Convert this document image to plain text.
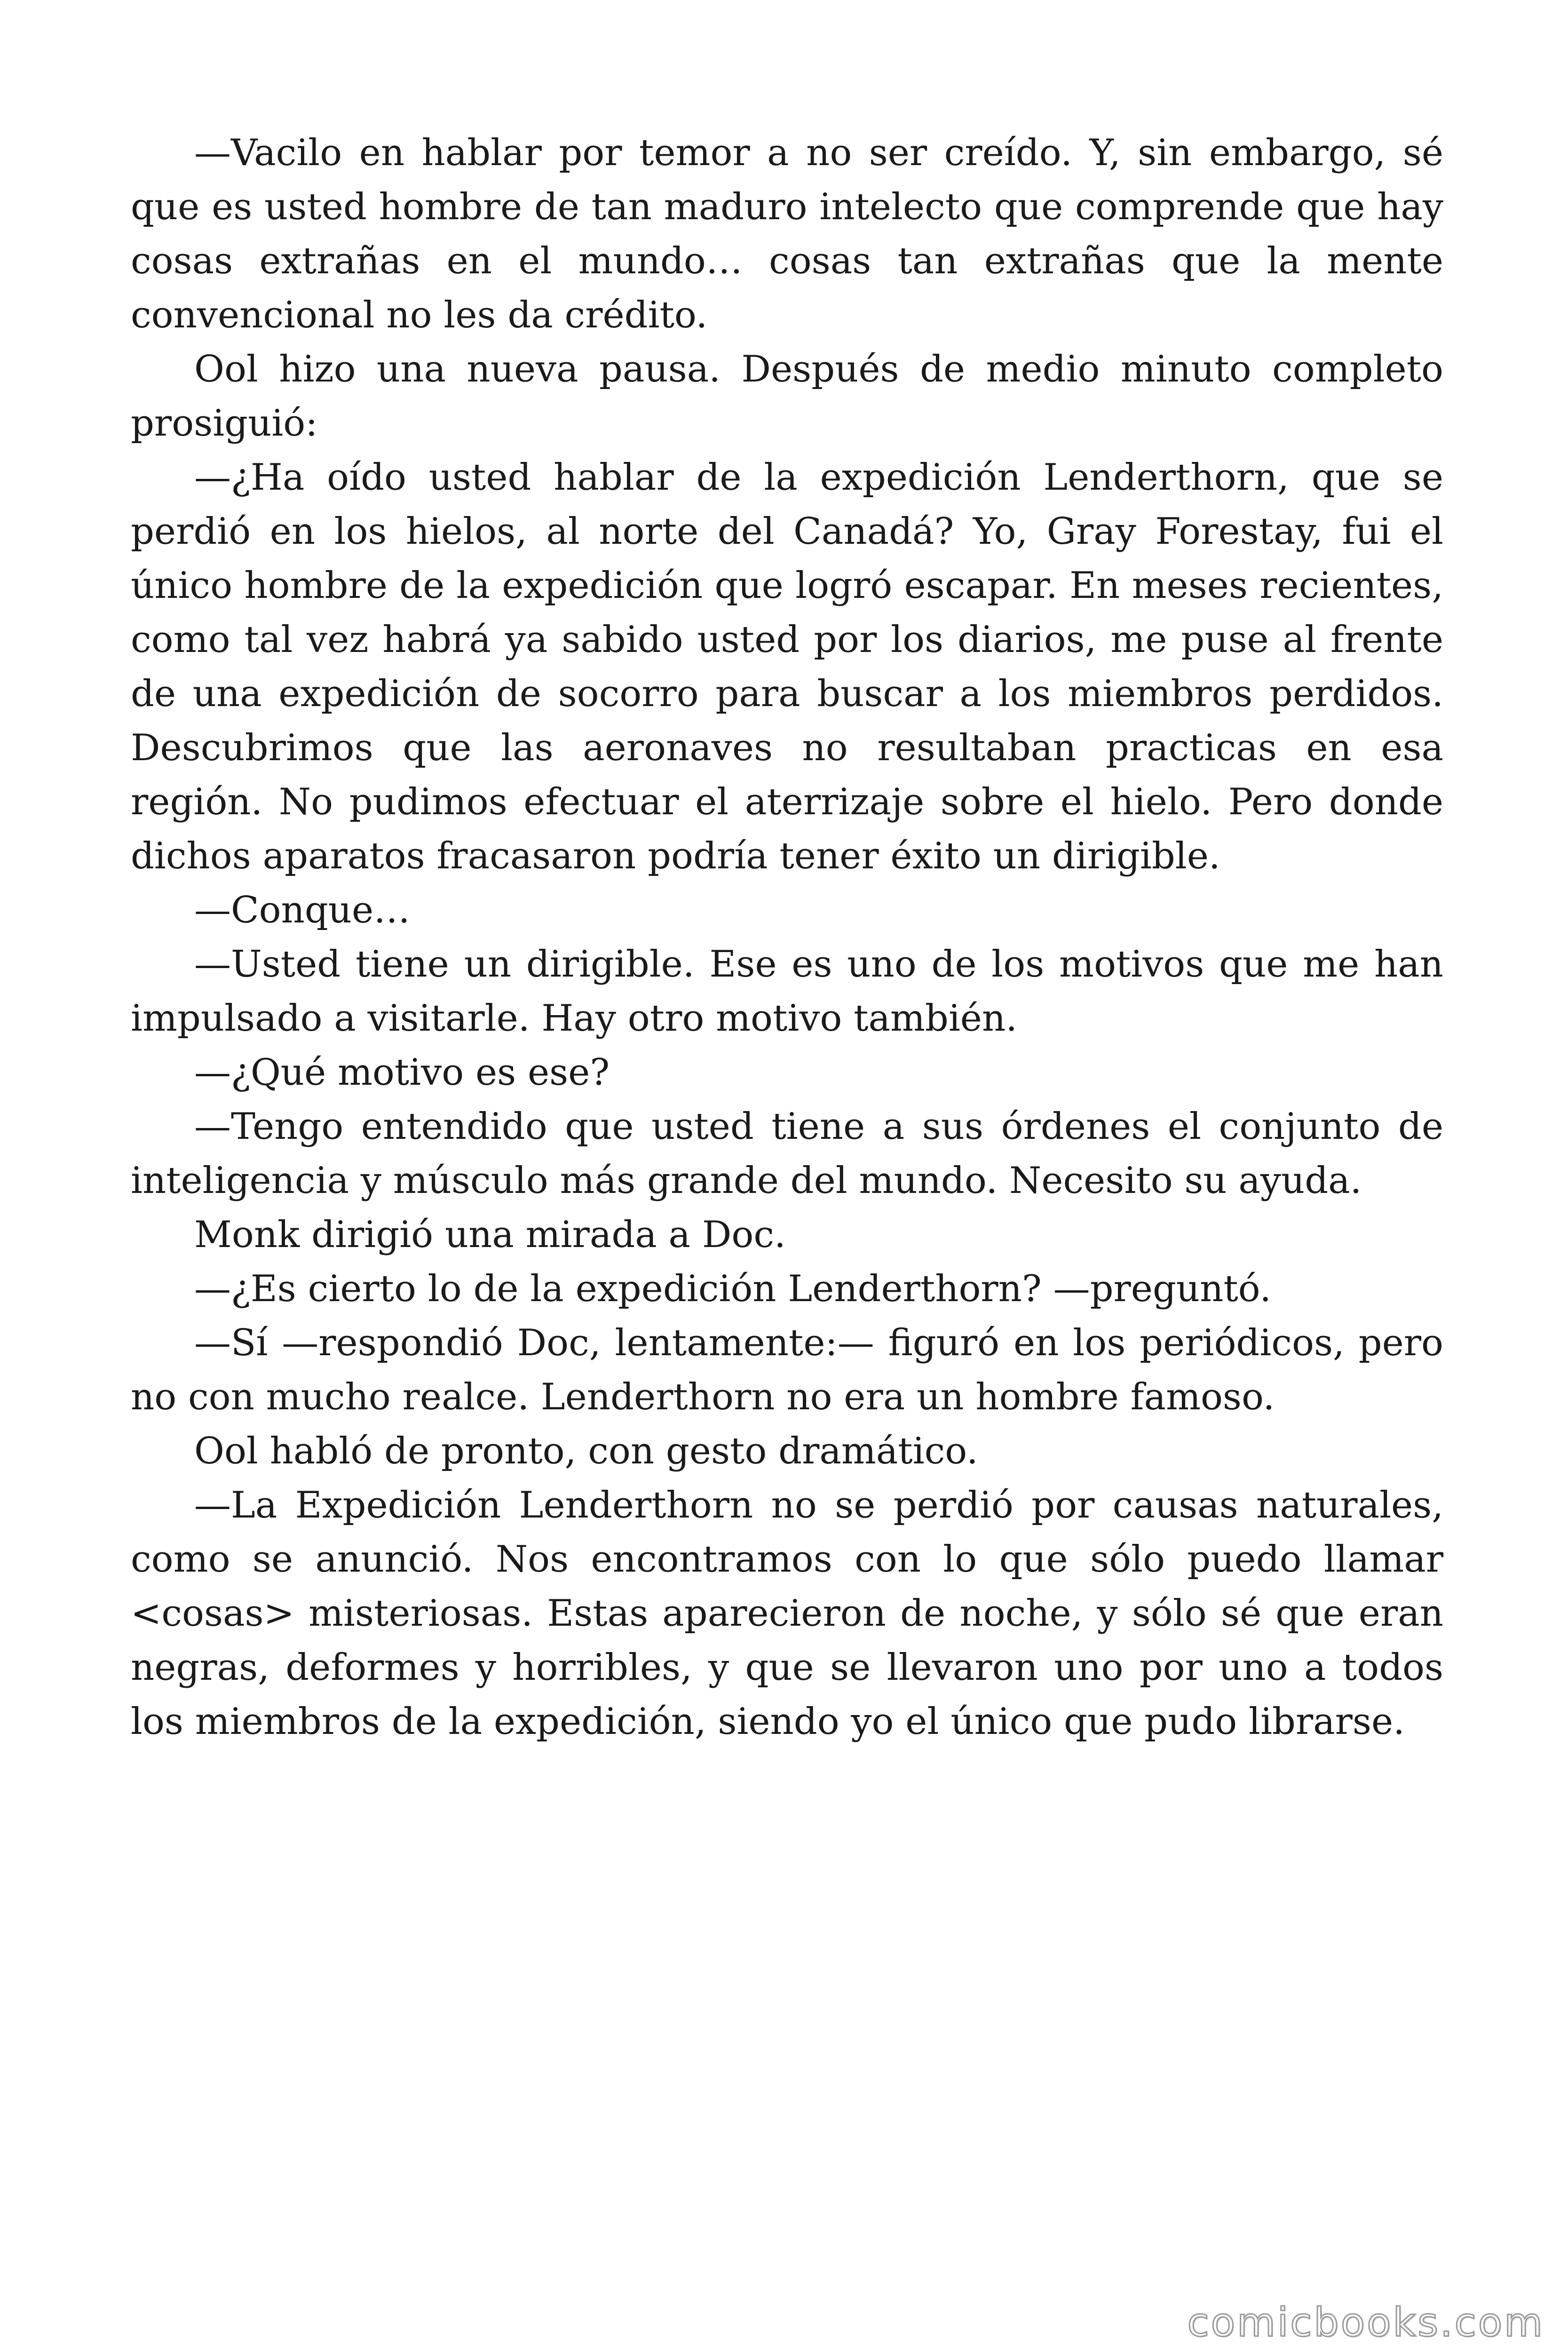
—Vacilo en hablar por temor a no ser creído. Y, sin embargo, sé que es usted hombre de tan maduro intelecto que comprende que hay cosas extrañas en el mundo… cosas tan extrañas que la mente convencional no les da crédito.

Ool hizo una nueva pausa. Después de medio minuto completo prosiguió:

—¿Ha oído usted hablar de la expedición Lenderthorn, que se perdió en los hielos, al norte del Canadá? Yo, Gray Forestay, fui el único hombre de la expedición que logró escapar. En meses recientes, como tal vez habrá ya sabido usted por los diarios, me puse al frente de una expedición de socorro para buscar a los miembros perdidos. Descubrimos que las aeronaves no resultaban practicas en esa región. No pudimos efectuar el aterrizaje sobre el hielo. Pero donde dichos aparatos fracasaron podría tener éxito un dirigible.

—Conque…

—Usted tiene un dirigible. Ese es uno de los motivos que me han impulsado a visitarle. Hay otro motivo también.

—¿Qué motivo es ese?

—Tengo entendido que usted tiene a sus órdenes el conjunto de inteligencia y músculo más grande del mundo. Necesito su ayuda.

Monk dirigió una mirada a Doc.

—¿Es cierto lo de la expedición Lenderthorn? —preguntó.

—Sí —respondió Doc, lentamente:— figuró en los periódicos, pero no con mucho realce. Lenderthorn no era un hombre famoso.

Ool habló de pronto, con gesto dramático.

—La Expedición Lenderthorn no se perdió por causas naturales, como se anunció. Nos encontramos con lo que sólo puedo llamar <cosas> misteriosas. Estas aparecieron de noche, y sólo sé que eran negras, deformes y horribles, y que se llevaron uno por uno a todos los miembros de la expedición, siendo yo el único que pudo librarse.

comicbooks.com
